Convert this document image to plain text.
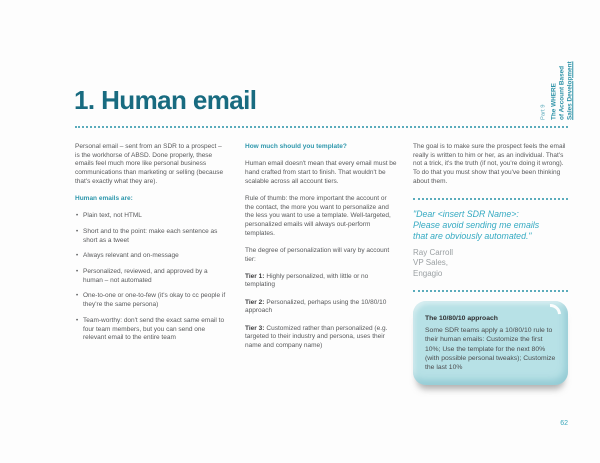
1. Human email

Personal email – sent from an SDR to a prospect – is the workhorse of ABSD. Done properly, these emails feel much more like personal business communications than marketing or selling (because that's exactly what they are).

Human emails are:

• Plain text, not HTML
• Short and to the point: make each sentence as short as a tweet
• Always relevant and on-message
• Personalized, reviewed, and approved by a human – not automated
• One-to-one or one-to-few (it's okay to cc people if they're the same persona)
• Team-worthy: don't send the exact same email to four team members, but you can send one relevant email to the entire team

How much should you template?

Human email doesn't mean that every email must be hand crafted from start to finish. That wouldn't be scalable across all account tiers.

Rule of thumb: the more important the account or the contact, the more you want to personalize and the less you want to use a template. Well-targeted, personalized emails will always out-perform templates.

The degree of personalization will vary by account tier:

Tier 1: Highly personalized, with little or no templating

Tier 2: Personalized, perhaps using the 10/80/10 approach

Tier 3: Customized rather than personalized (e.g. targeted to their industry and persona, uses their name and company name)

The goal is to make sure the prospect feels the email really is written to him or her, as an individual. That's not a trick, it's the truth (if not, you're doing it wrong). To do that you must show that you've been thinking about them.

"Dear <insert SDR Name>:
Please avoid sending me emails
that are obviously automated."
Ray Carroll
VP Sales,
Engagio

The 10/80/10 approach

Some SDR teams apply a 10/80/10 rule to their human emails: Customize the first 10%; Use the template for the next 80% (with possible personal tweaks); Customize the last 10%

Part 9 The WHERE of Account Based Sales Development
62
